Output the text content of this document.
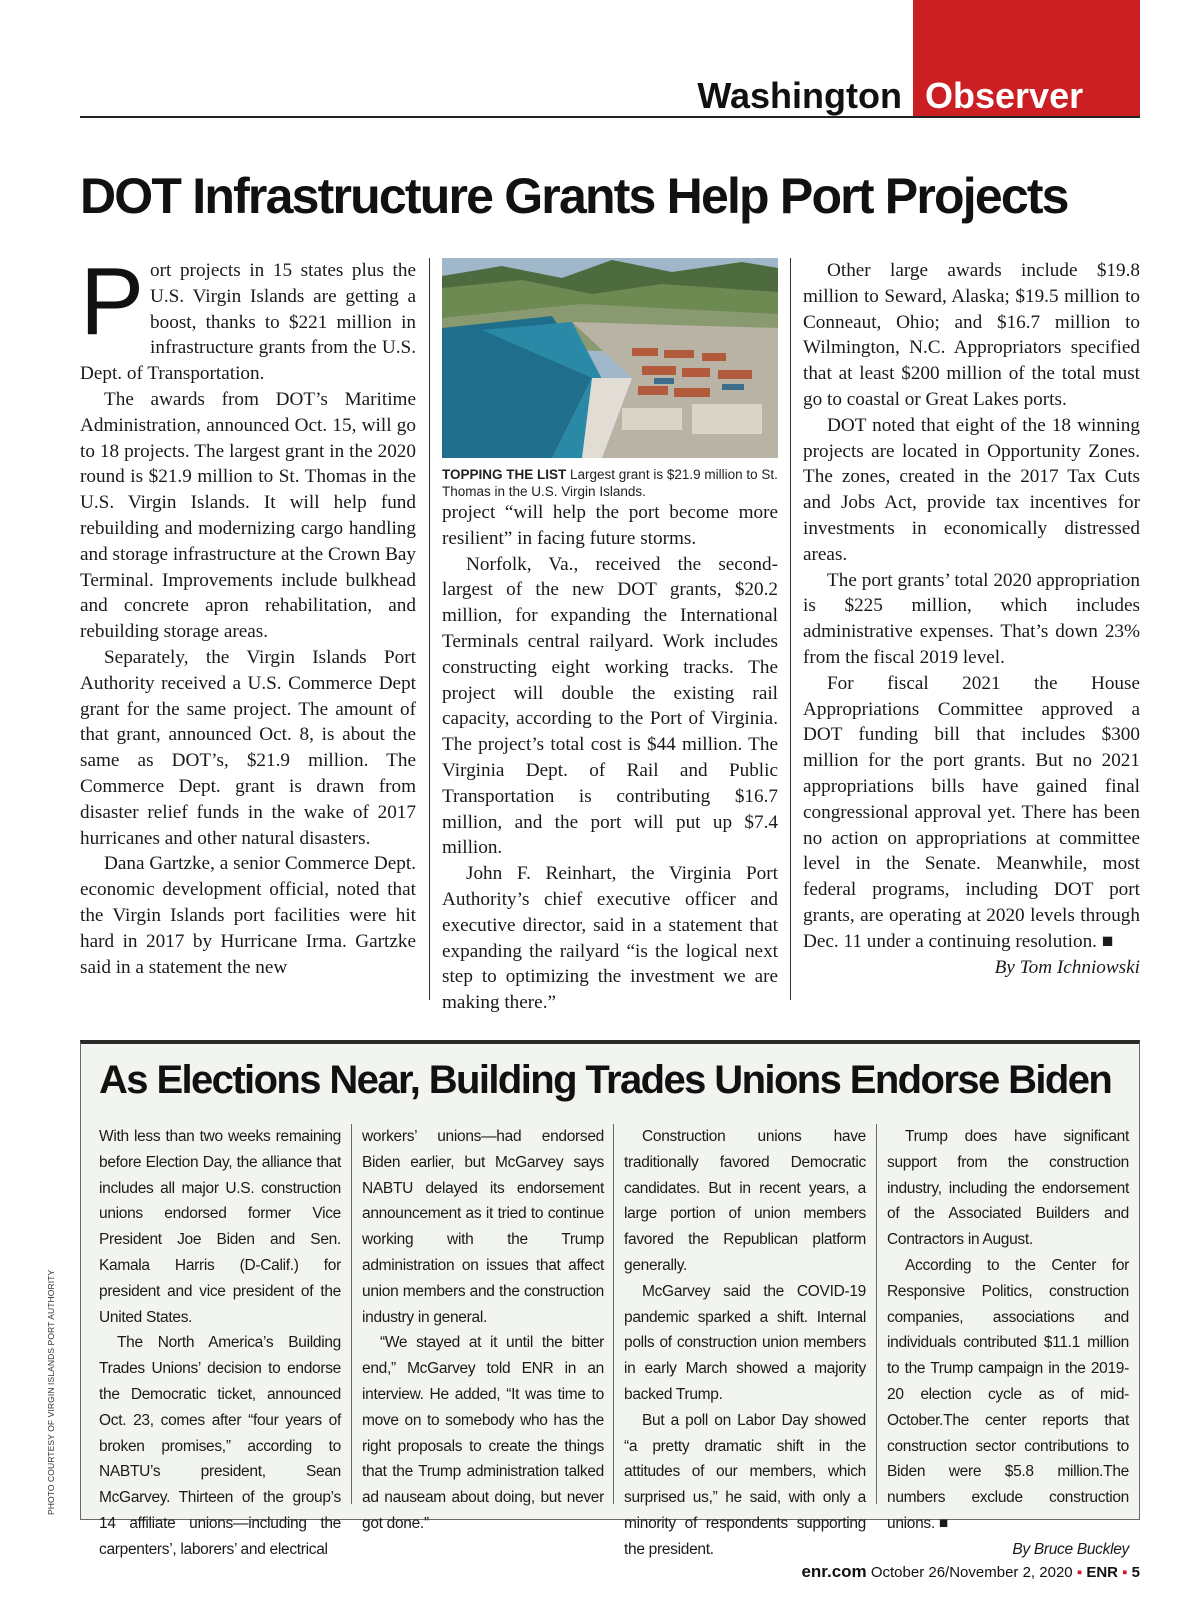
Washington Observer
DOT Infrastructure Grants Help Port Projects

Port projects in 15 states plus the U.S. Virgin Islands are getting a boost, thanks to $221 million in infrastructure grants from the U.S. Dept. of Transportation.

The awards from DOT’s Maritime Administration, announced Oct. 15, will go to 18 projects. The largest grant in the 2020 round is $21.9 million to St. Thomas in the U.S. Virgin Islands. It will help fund rebuilding and modernizing cargo handling and storage infrastructure at the Crown Bay Terminal. Improvements include bulkhead and concrete apron rehabilitation, and rebuilding storage areas.

Separately, the Virgin Islands Port Authority received a U.S. Commerce Dept grant for the same project. The amount of that grant, announced Oct. 8, is about the same as DOT’s, $21.9 million. The Commerce Dept. grant is drawn from disaster relief funds in the wake of 2017 hurricanes and other natural disasters.

Dana Gartzke, a senior Commerce Dept. economic development official, noted that the Virgin Islands port facilities were hit hard in 2017 by Hurricane Irma. Gartzke said in a statement the new

TOPPING THE LIST Largest grant is $21.9 million to St. Thomas in the U.S. Virgin Islands.

project “will help the port become more resilient” in facing future storms.

Norfolk, Va., received the second-largest of the new DOT grants, $20.2 million, for expanding the International Terminals central railyard. Work includes constructing eight working tracks. The project will double the existing rail capacity, according to the Port of Virginia. The project’s total cost is $44 million. The Virginia Dept. of Rail and Public Transportation is contributing $16.7 million, and the port will put up $7.4 million.

John F. Reinhart, the Virginia Port Authority’s chief executive officer and executive director, said in a statement that expanding the railyard “is the logical next step to optimizing the investment we are making there.”

Other large awards include $19.8 million to Seward, Alaska; $19.5 million to Conneaut, Ohio; and $16.7 million to Wilmington, N.C. Appropriators specified that at least $200 million of the total must go to coastal or Great Lakes ports.

DOT noted that eight of the 18 winning projects are located in Opportunity Zones. The zones, created in the 2017 Tax Cuts and Jobs Act, provide tax incentives for investments in economically distressed areas.

The port grants’ total 2020 appropriation is $225 million, which includes administrative expenses. That’s down 23% from the fiscal 2019 level.

For fiscal 2021 the House Appropriations Committee approved a DOT funding bill that includes $300 million for the port grants. But no 2021 appropriations bills have gained final congressional approval yet. There has been no action on appropriations at committee level in the Senate. Meanwhile, most federal programs, including DOT port grants, are operating at 2020 levels through Dec. 11 under a continuing resolution. ■

By Tom Ichniowski

As Elections Near, Building Trades Unions Endorse Biden

With less than two weeks remaining before Election Day, the alliance that includes all major U.S. construction unions endorsed former Vice President Joe Biden and Sen. Kamala Harris (D-Calif.) for president and vice president of the United States.

The North America’s Building Trades Unions’ decision to endorse the Democratic ticket, announced Oct. 23, comes after “four years of broken promises,” according to NABTU’s president, Sean McGarvey. Thirteen of the group’s 14 affiliate unions—including the carpenters’, laborers’ and electrical

workers’ unions—had endorsed Biden earlier, but McGarvey says NABTU delayed its endorsement announcement as it tried to continue working with the Trump administration on issues that affect union members and the construction industry in general.

“We stayed at it until the bitter end,” McGarvey told ENR in an interview. He added, “It was time to move on to somebody who has the right proposals to create the things that the Trump administration talked ad nauseam about doing, but never got done.”

Construction unions have traditionally favored Democratic candidates. But in recent years, a large portion of union members favored the Republican platform generally.

McGarvey said the COVID-19 pandemic sparked a shift. Internal polls of construction union members in early March showed a majority backed Trump.

But a poll on Labor Day showed “a pretty dramatic shift in the attitudes of our members, which surprised us,” he said, with only a minority of respondents supporting the president.

Trump does have significant support from the construction industry, including the endorsement of the Associated Builders and Contractors in August.

According to the Center for Responsive Politics, construction companies, associations and individuals contributed $11.1 million to the Trump campaign in the 2019-20 election cycle as of mid-October.The center reports that construction sector contributions to Biden were $5.8 million.The numbers exclude construction unions. ■

By Bruce Buckley

PHOTO COURTESY OF VIRGIN ISLANDS PORT AUTHORITY
enr.com October 26/November 2, 2020 ▪ ENR ▪ 5
